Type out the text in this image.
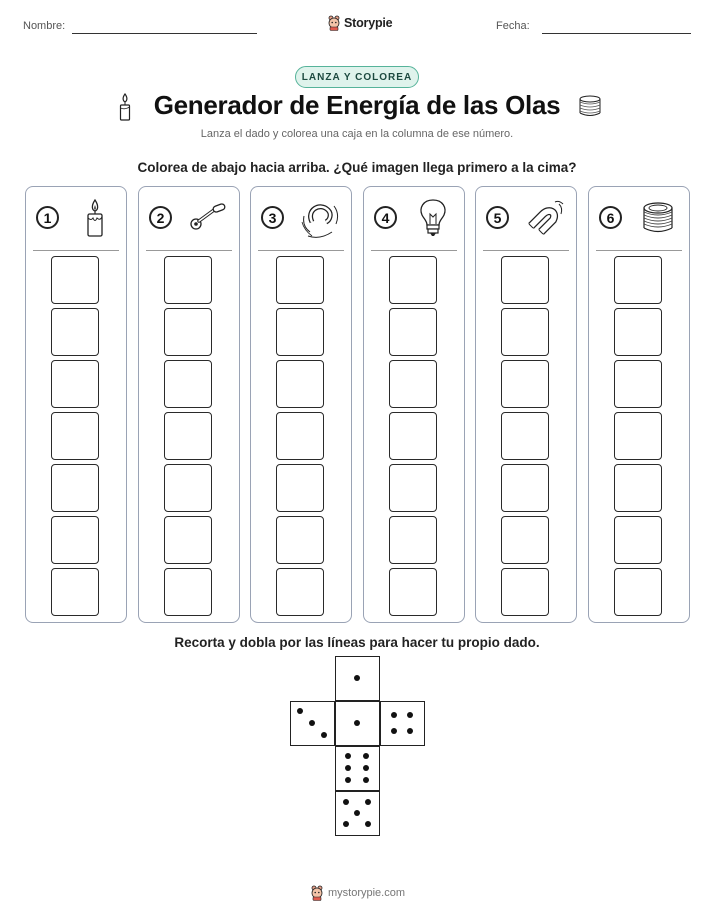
Nombre:	Storypie	Fecha:
LANZA Y COLOREA
Generador de Energía de las Olas
Lanza el dado y colorea una caja en la columna de ese número.
Colorea de abajo hacia arriba. ¿Qué imagen llega primero a la cima?
1	2	3	4	5	6
Recorta y dobla por las líneas para hacer tu propio dado.
mystorypie.com
